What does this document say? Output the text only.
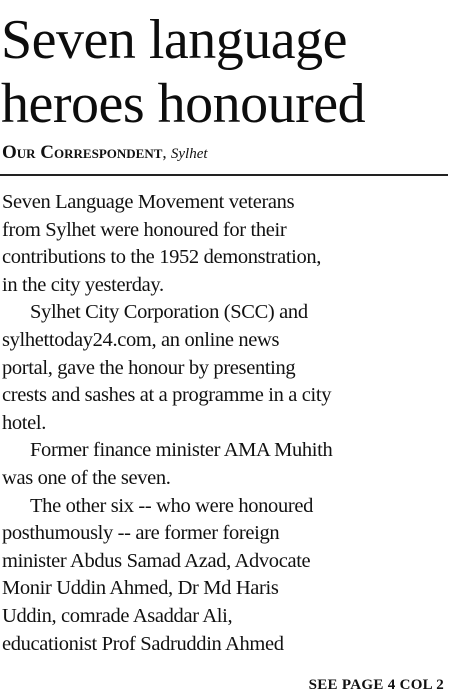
Seven language
heroes honoured
Our Correspondent, Sylhet

Seven Language Movement veterans
from Sylhet were honoured for their
contributions to the 1952 demonstration,
in the city yesterday.

Sylhet City Corporation (SCC) and
sylhettoday24.com, an online news
portal, gave the honour by presenting
crests and sashes at a programme in a city
hotel.

Former finance minister AMA Muhith
was one of the seven.

The other six -- who were honoured
posthumously -- are former foreign
minister Abdus Samad Azad, Advocate
Monir Uddin Ahmed, Dr Md Haris
Uddin, comrade Asaddar Ali,
educationist Prof Sadruddin Ahmed

SEE PAGE 4 COL 2
